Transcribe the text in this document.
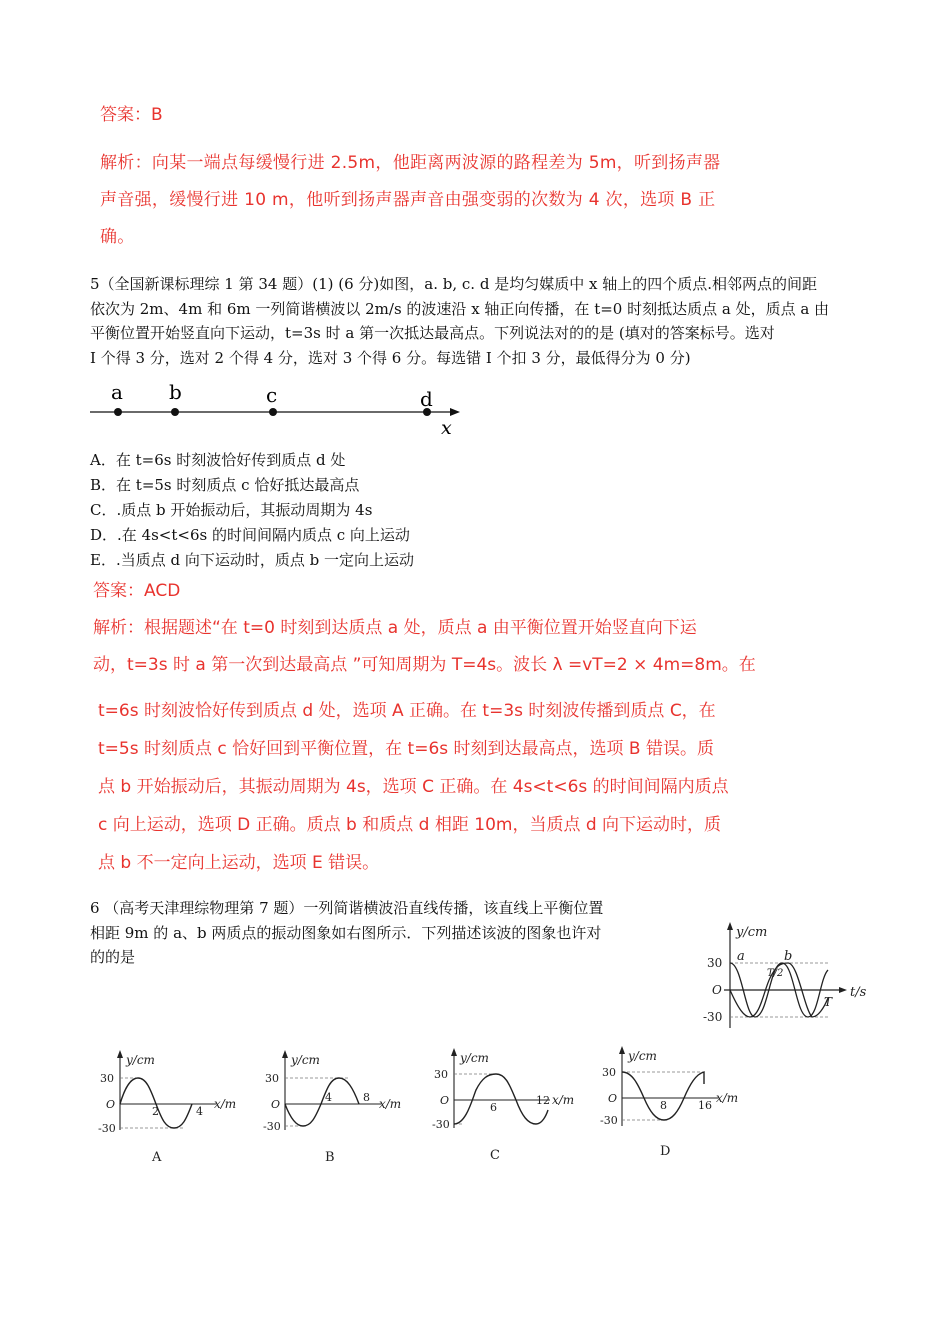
答案：B
解析：向某一端点每缓慢行进 2.5m，他距离两波源的路程差为 5m，听到扬声器
声音强，缓慢行进 10 m，他听到扬声器声音由强变弱的次数为 4 次，选项 B 正
确。
5（全国新课标理综 1 第 34 题）(1) (6 分)如图，a. b, c. d 是均匀媒质中 x 轴上的四个质点.相邻两点的间距
依次为 2m、4m 和 6m 一列简谐横波以 2m/s 的波速沿 x 轴正向传播，在 t=0 时刻抵达质点 a 处，质点 a 由
平衡位置开始竖直向下运动，t=3s 时 a 第一次抵达最高点。下列说法对的的是 (填对的答案标号。选对
I 个得 3 分，选对 2 个得 4 分，选对 3 个得 6 分。每选错 I 个扣 3 分，最低得分为 0 分)
a b	c	d
x
A．在 t=6s 时刻波恰好传到质点 d 处
B．在 t=5s 时刻质点 c 恰好抵达最高点
C．.质点 b 开始振动后，其振动周期为 4s
D．.在 4s<t<6s 的时间间隔内质点 c 向上运动
E．.当质点 d 向下运动时，质点 b 一定向上运动
答案：ACD
解析：根据题述“在 t=0 时刻到达质点 a 处，质点 a 由平衡位置开始竖直向下运
动，t=3s 时 a 第一次到达最高点 ”可知周期为 T=4s。波长 λ =vT=2 × 4m=8m。在
t=6s 时刻波恰好传到质点 d 处，选项 A 正确。在 t=3s 时刻波传播到质点 C，在
t=5s 时刻质点 c 恰好回到平衡位置，在 t=6s 时刻到达最高点，选项 B 错误。质
点 b 开始振动后，其振动周期为 4s，选项 C 正确。在 4s<t<6s 的时间间隔内质点
c 向上运动，选项 D 正确。质点 b 和质点 d 相距 10m，当质点 d 向下运动时，质
点 b 不一定向上运动，选项 E 错误。
6 （高考天津理综物理第 7 题）一列简谐横波沿直线传播，该直线上平衡位置
相距 9m 的 a、b 两质点的振动图象如右图所示．下列描述该波的图象也许对
的的是
y/cm
30
O
-30
a	b
T/2
T
t/s
y/cm
30
O
-30
2	4
x/m
A
y/cm
30
O
-30
4	8 x/m
B
y/cm
30
O
-30
6
12 x/m
C
y/cm
30
O
-30
8	16
x/m
D
